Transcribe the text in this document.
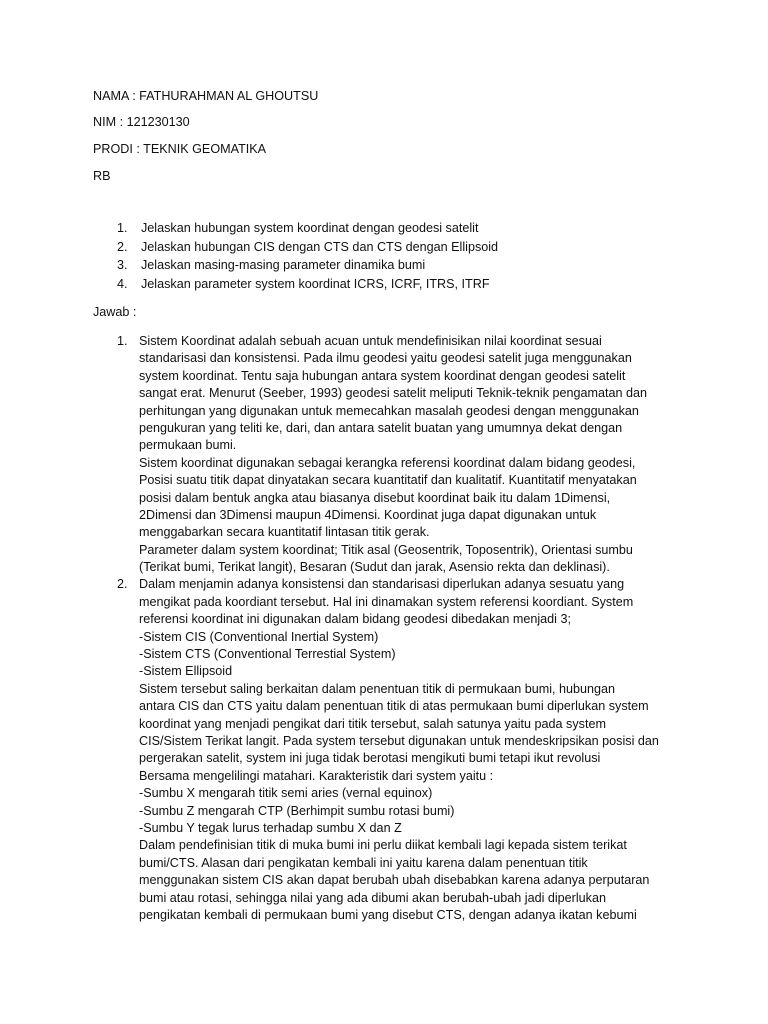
NAMA : FATHURAHMAN AL GHOUTSU
NIM : 121230130
PRODI : TEKNIK GEOMATIKA
RB
1.	Jelaskan hubungan system koordinat dengan geodesi satelit
2.	Jelaskan hubungan CIS dengan CTS dan CTS dengan Ellipsoid
3.	Jelaskan masing-masing parameter dinamika bumi
4.	Jelaskan parameter system koordinat ICRS, ICRF, ITRS, ITRF
Jawab :
1. Sistem Koordinat adalah sebuah acuan untuk mendefinisikan nilai koordinat sesuai
standarisasi dan konsistensi. Pada ilmu geodesi yaitu geodesi satelit juga menggunakan
system koordinat. Tentu saja hubungan antara system koordinat dengan geodesi satelit
sangat erat. Menurut (Seeber, 1993) geodesi satelit meliputi Teknik-teknik pengamatan dan
perhitungan yang digunakan untuk memecahkan masalah geodesi dengan menggunakan
pengukuran yang teliti ke, dari, dan antara satelit buatan yang umumnya dekat dengan
permukaan bumi.
Sistem koordinat digunakan sebagai kerangka referensi koordinat dalam bidang geodesi,
Posisi suatu titik dapat dinyatakan secara kuantitatif dan kualitatif. Kuantitatif menyatakan
posisi dalam bentuk angka atau biasanya disebut koordinat baik itu dalam 1Dimensi,
2Dimensi dan 3Dimensi maupun 4Dimensi. Koordinat juga dapat digunakan untuk
menggabarkan secara kuantitatif lintasan titik gerak.
Parameter dalam system koordinat; Titik asal (Geosentrik, Toposentrik), Orientasi sumbu
(Terikat bumi, Terikat langit), Besaran (Sudut dan jarak, Asensio rekta dan deklinasi).
2. Dalam menjamin adanya konsistensi dan standarisasi diperlukan adanya sesuatu yang
mengikat pada koordiant tersebut. Hal ini dinamakan system referensi koordiant. System
referensi koordinat ini digunakan dalam bidang geodesi dibedakan menjadi 3;
-Sistem CIS (Conventional Inertial System)
-Sistem CTS (Conventional Terrestial System)
-Sistem Ellipsoid
Sistem tersebut saling berkaitan dalam penentuan titik di permukaan bumi, hubungan
antara CIS dan CTS yaitu dalam penentuan titik di atas permukaan bumi diperlukan system
koordinat yang menjadi pengikat dari titik tersebut, salah satunya yaitu pada system
CIS/Sistem Terikat langit. Pada system tersebut digunakan untuk mendeskripsikan posisi dan
pergerakan satelit, system ini juga tidak berotasi mengikuti bumi tetapi ikut revolusi
Bersama mengelilingi matahari. Karakteristik dari system yaitu :
-Sumbu X mengarah titik semi aries (vernal equinox)
-Sumbu Z mengarah CTP (Berhimpit sumbu rotasi bumi)
-Sumbu Y tegak lurus terhadap sumbu X dan Z
Dalam pendefinisian titik di muka bumi ini perlu diikat kembali lagi kepada sistem terikat
bumi/CTS. Alasan dari pengikatan kembali ini yaitu karena dalam penentuan titik
menggunakan sistem CIS akan dapat berubah ubah disebabkan karena adanya perputaran
bumi atau rotasi, sehingga nilai yang ada dibumi akan berubah-ubah jadi diperlukan
pengikatan kembali di permukaan bumi yang disebut CTS, dengan adanya ikatan kebumi
